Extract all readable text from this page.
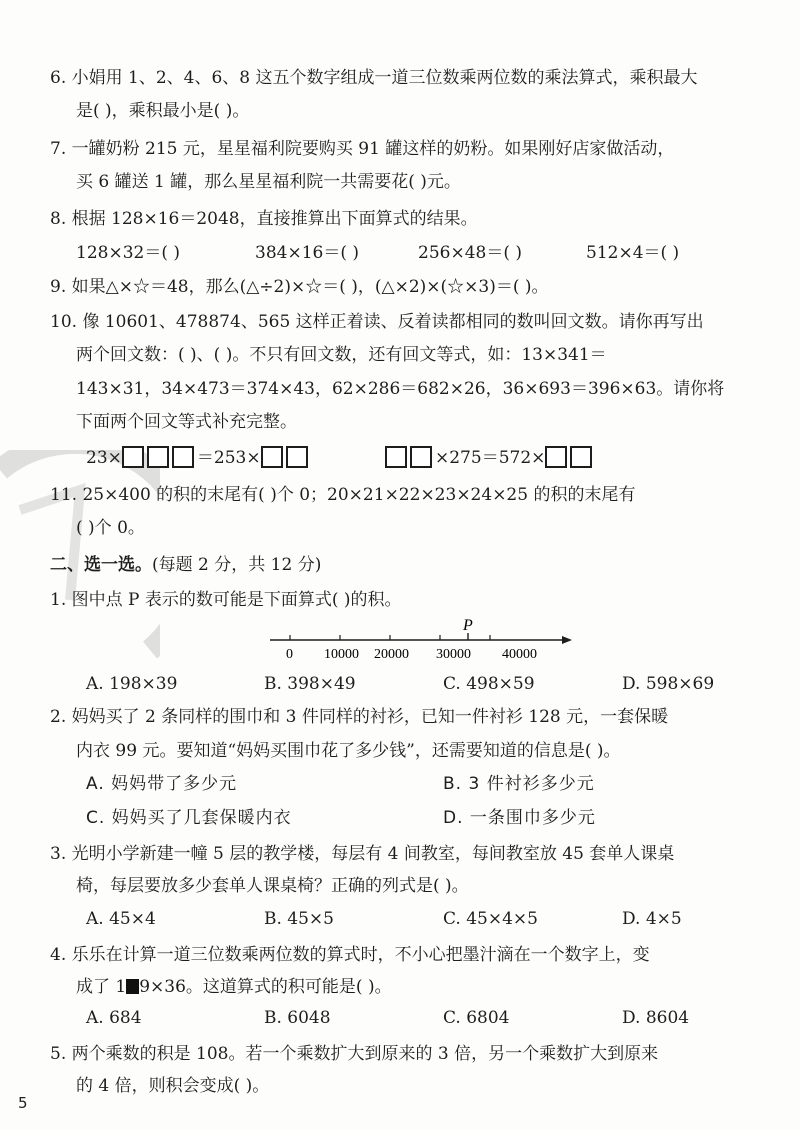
6. 小娟用 1、2、4、6、8 这五个数字组成一道三位数乘两位数的乘法算式，乘积最大
是( )，乘积最小是( )。
7. 一罐奶粉 215 元，星星福利院要购买 91 罐这样的奶粉。如果刚好店家做活动，
买 6 罐送 1 罐，那么星星福利院一共需要花( )元。
8. 根据 128×16＝2048，直接推算出下面算式的结果。
128×32＝( )	384×16＝( )	256×48＝( )	512×4＝( )
9. 如果△×☆＝48，那么(△÷2)×☆＝( )，(△×2)×(☆×3)＝( )。
10. 像 10601、478874、565 这样正着读、反着读都相同的数叫回文数。请你再写出
两个回文数：( )、( )。不只有回文数，还有回文等式，如：13×341＝
143×31，34×473＝374×43，62×286＝682×26，36×693＝396×63。请你将
下面两个回文等式补充完整。
23×	＝253×	×275＝572×
11. 25×400 的积的末尾有( )个 0；20×21×22×23×24×25 的积的末尾有
( )个 0。
二、选一选。(每题 2 分，共 12 分)
1. 图中点 P 表示的数可能是下面算式( )的积。
P
0 10000 20000 30000 40000
A. 198×39	B. 398×49	C. 498×59	D. 598×69
2. 妈妈买了 2 条同样的围巾和 3 件同样的衬衫，已知一件衬衫 128 元，一套保暖
内衣 99 元。要知道“妈妈买围巾花了多少钱”，还需要知道的信息是( )。
A. 妈妈带了多少元	B. 3 件衬衫多少元
C. 妈妈买了几套保暖内衣	D. 一条围巾多少元
3. 光明小学新建一幢 5 层的教学楼，每层有 4 间教室，每间教室放 45 套单人课桌
椅，每层要放多少套单人课桌椅？正确的列式是( )。
A. 45×4	B. 45×5	C. 45×4×5	D. 4×5
4. 乐乐在计算一道三位数乘两位数的算式时，不小心把墨汁滴在一个数字上，变
成了 1 9×36。这道算式的积可能是( )。
A. 684	B. 6048	C. 6804	D. 8604
5. 两个乘数的积是 108。若一个乘数扩大到原来的 3 倍，另一个乘数扩大到原来
的 4 倍，则积会变成( )。
5
